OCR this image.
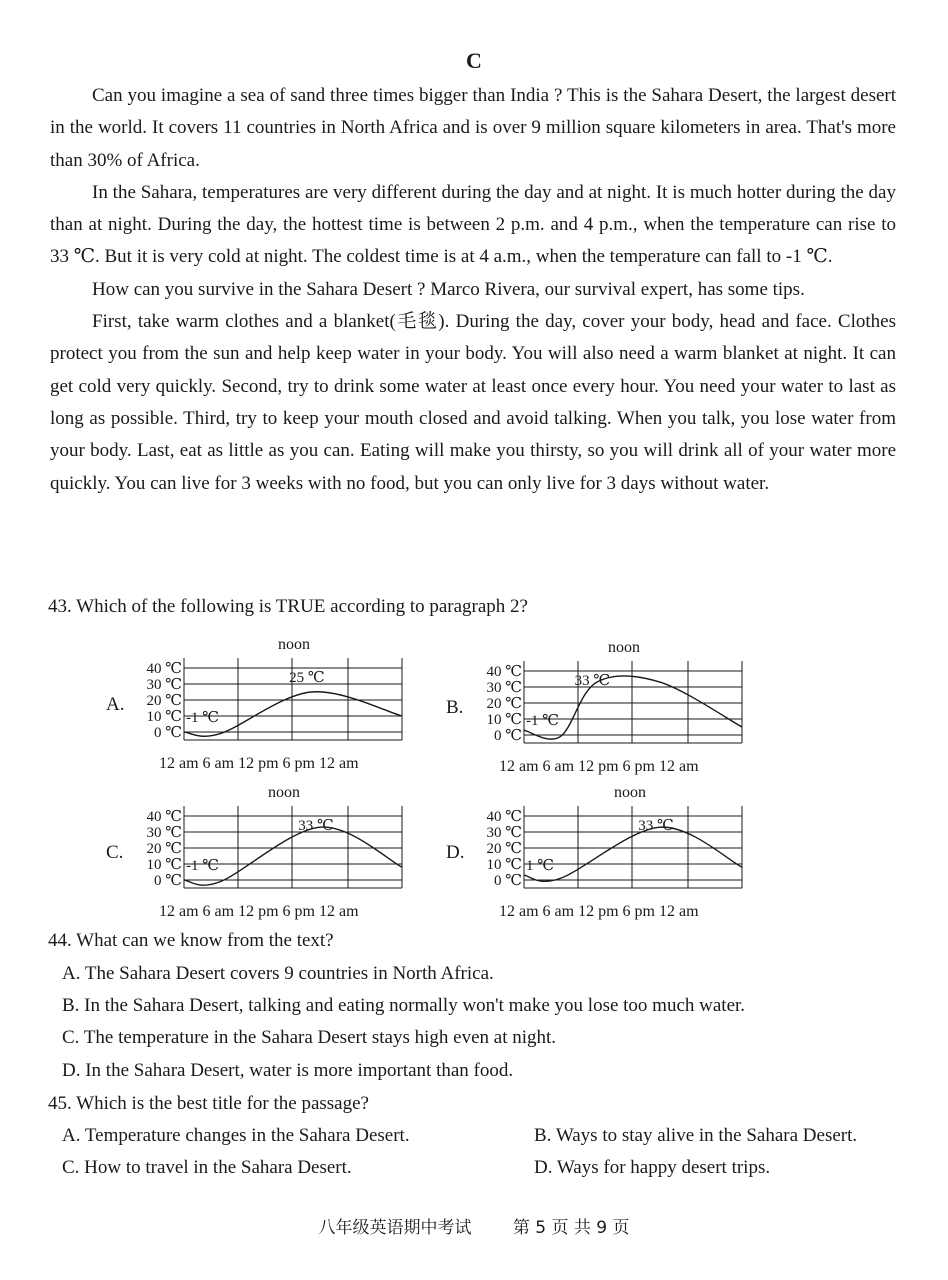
C

Can you imagine a sea of sand three times bigger than India ? This is the Sahara Desert, the largest desert in the world. It covers 11 countries in North Africa and is over 9 million square kilometers in area. That's more than 30% of Africa.

In the Sahara, temperatures are very different during the day and at night. It is much hotter during the day than at night. During the day, the hottest time is between 2 p.m. and 4 p.m., when the temperature can rise to 33 ℃. But it is very cold at night. The coldest time is at 4 a.m., when the temperature can fall to -1 ℃.

How can you survive in the Sahara Desert ? Marco Rivera, our survival expert, has some tips.

First, take warm clothes and a blanket(毛毯). During the day, cover your body, head and face. Clothes protect you from the sun and help keep water in your body. You will also need a warm blanket at night. It can get cold very quickly. Second, try to drink some water at least once every hour. You need your water to last as long as possible. Third, try to keep your mouth closed and avoid talking. When you talk, you lose water from your body. Last, eat as little as you can. Eating will make you thirsty, so you will drink all of your water more quickly. You can live for 3 weeks with no food, but you can only live for 3 days without water.

43. Which of the following is TRUE according to paragraph 2?
noon
A.
40 ℃
30 ℃
20 ℃
10 ℃
0 ℃
-1 ℃
25 ℃
12 am 6 am 12 pm 6 pm 12 am
noon
B.
40 ℃
30 ℃
20 ℃
10 ℃
0 ℃
-1 ℃
33 ℃
12 am 6 am 12 pm 6 pm 12 am
noon
C.
40 ℃
30 ℃
20 ℃
10 ℃
0 ℃
-1 ℃
33 ℃
12 am 6 am 12 pm 6 pm 12 am
noon
D.
40 ℃
30 ℃
20 ℃
10 ℃
0 ℃
1 ℃
33 ℃
12 am 6 am 12 pm 6 pm 12 am
44. What can we know from the text?
A. The Sahara Desert covers 9 countries in North Africa.
B. In the Sahara Desert, talking and eating normally won't make you lose too much water.
C. The temperature in the Sahara Desert stays high even at night.
D. In the Sahara Desert, water is more important than food.
45. Which is the best title for the passage?
A. Temperature changes in the Sahara Desert.	B. Ways to stay alive in the Sahara Desert.
C. How to travel in the Sahara Desert.	D. Ways for happy desert trips.
八年级英语期中考试 第 5 页 共 9 页
